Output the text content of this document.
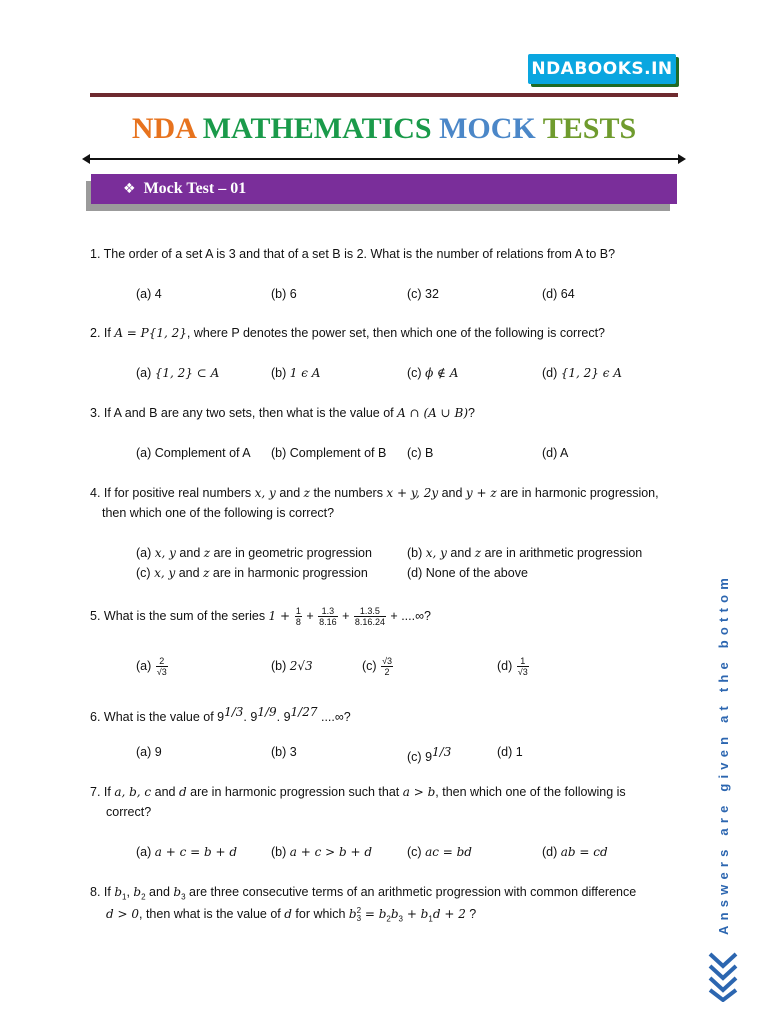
NDABOOKS.IN
NDA MATHEMATICS MOCK TESTS
❖ Mock Test – 01
1. The order of a set A is 3 and that of a set B is 2. What is the number of relations from A to B?
(a) 4	(b) 6	(c) 32	(d) 64
2. If A = P{1, 2}, where P denotes the power set, then which one of the following is correct?
(a) {1, 2} ⊂ A	(b) 1 ϵ A	(c) ϕ ∉ A	(d) {1, 2} ϵ A
3. If A and B are any two sets, then what is the value of A ∩ (A ∪ B)?
(a) Complement of A (b) Complement of B (c) B	(d) A
4. If for positive real numbers x, y and z the numbers x + y, 2y and y + z are in harmonic progression,
then which one of the following is correct?
(a) x, y and z are in geometric progression	(b) x, y and z are in arithmetic progression
(c) x, y and z are in harmonic progression	(d) None of the above
5. What is the sum of the series $1 + \frac{1}{8} + \frac{1.3}{8.16} + \frac{1.3.5}{8.16.24}$ + ....∞?
$(a) \frac{2}{√3}$	(b) 2√3	$(c) \frac{√3}{2}$	$(d) \frac{1}{√3}$
6. What is the value of $9^{1/3}$. $9^{1/9}$. $9^{1/27}$ ....∞?
(a) 9	(b) 3	(c) $9^{1/3}$	(d) 1
7. If a, b, c and d are in harmonic progression such that a > b, then which one of the following is
correct?
(a) a + c = b + d	(b) a + c > b + d	(c) ac = bd	(d) ab = cd
8. If $b_1$, $b_2$ and $b_3$ are three consecutive terms of an arithmetic progression with common difference
d > 0, then what is the value of d for which b 2
$3 = b_2b_3 + b_1d + 2$ ?	Answers are given at the bottom
